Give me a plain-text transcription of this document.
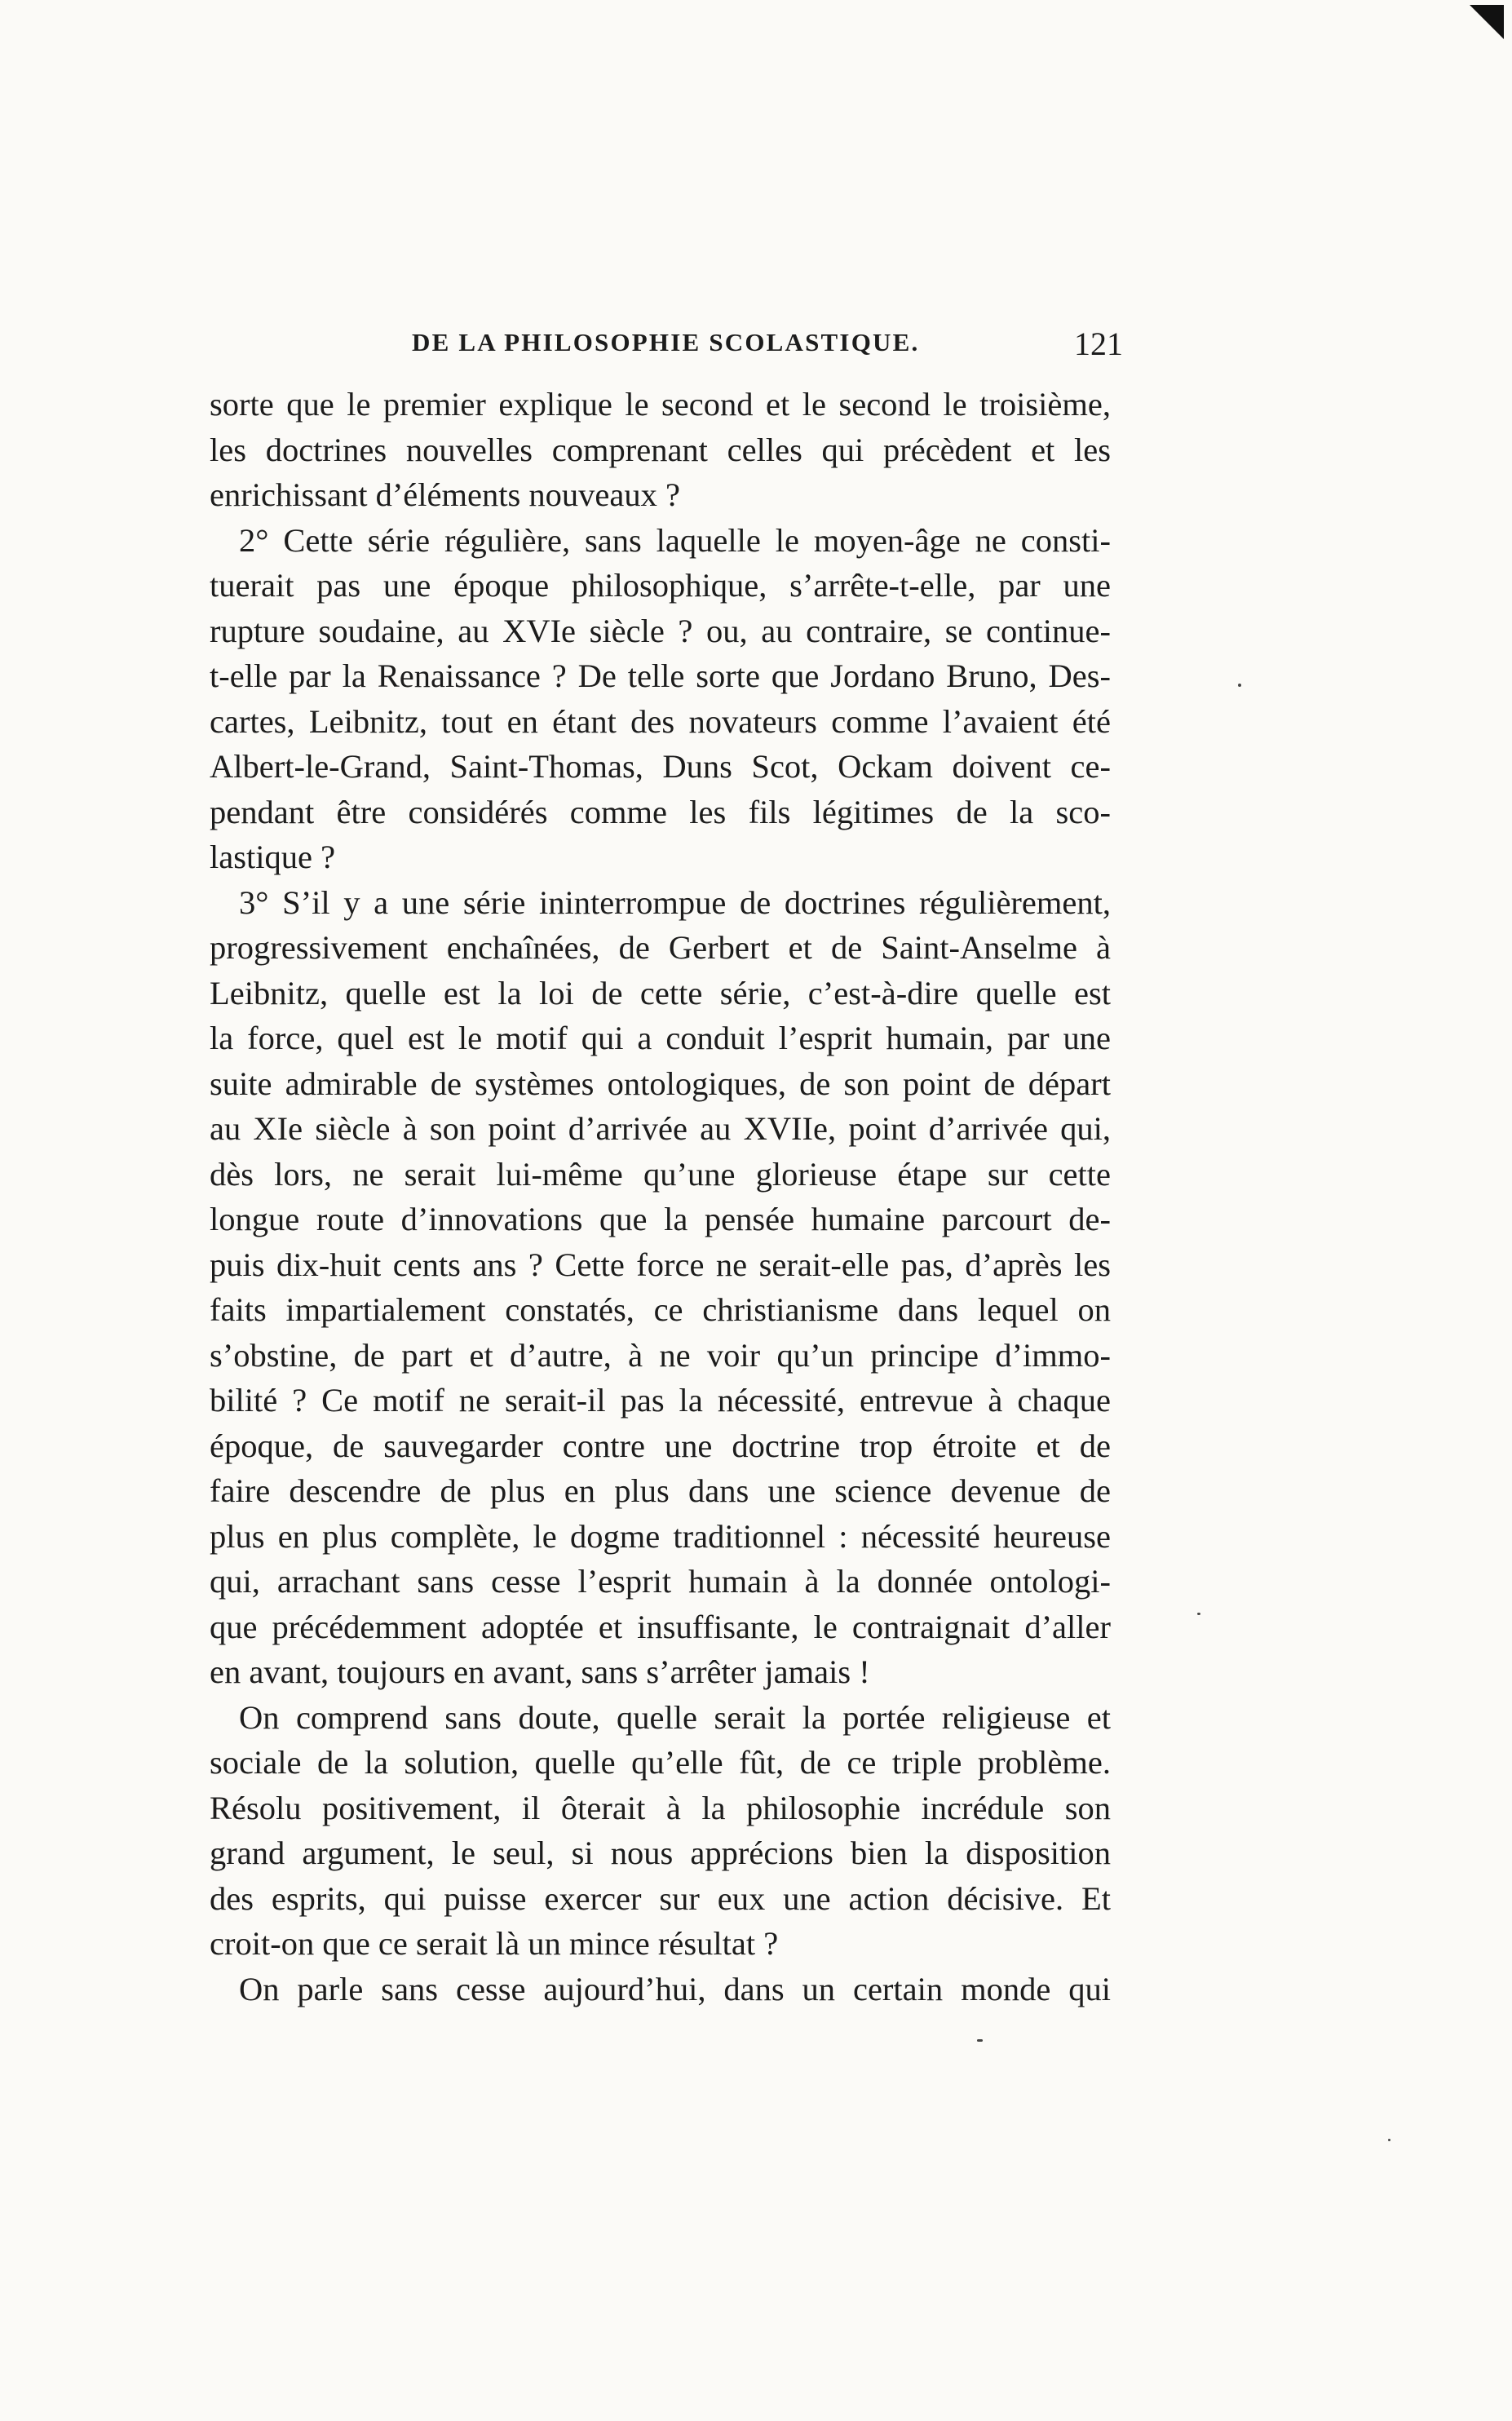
DE LA PHILOSOPHIE SCOLASTIQUE.	121
sorte que le premier explique le second et le second le troisième,
les doctrines nouvelles comprenant celles qui précèdent et les
enrichissant d’éléments nouveaux ?
2° Cette série régulière, sans laquelle le moyen-âge ne consti-
tuerait pas une époque philosophique, s’arrête-t-elle, par une
rupture soudaine, au XVIe siècle ? ou, au contraire, se continue-
t-elle par la Renaissance ? De telle sorte que Jordano Bruno, Des-
cartes, Leibnitz, tout en étant des novateurs comme l’avaient été
Albert-le-Grand, Saint-Thomas, Duns Scot, Ockam doivent ce-
pendant être considérés comme les fils légitimes de la sco-
lastique ?
3° S’il y a une série ininterrompue de doctrines régulièrement,
progressivement enchaînées, de Gerbert et de Saint-Anselme à
Leibnitz, quelle est la loi de cette série, c’est-à-dire quelle est
la force, quel est le motif qui a conduit l’esprit humain, par une
suite admirable de systèmes ontologiques, de son point de départ
au XIe siècle à son point d’arrivée au XVIIe, point d’arrivée qui,
dès lors, ne serait lui-même qu’une glorieuse étape sur cette
longue route d’innovations que la pensée humaine parcourt de-
puis dix-huit cents ans ? Cette force ne serait-elle pas, d’après les
faits impartialement constatés, ce christianisme dans lequel on
s’obstine, de part et d’autre, à ne voir qu’un principe d’immo-
bilité ? Ce motif ne serait-il pas la nécessité, entrevue à chaque
époque, de sauvegarder contre une doctrine trop étroite et de
faire descendre de plus en plus dans une science devenue de
plus en plus complète, le dogme traditionnel : nécessité heureuse
qui, arrachant sans cesse l’esprit humain à la donnée ontologi-
que précédemment adoptée et insuffisante, le contraignait d’aller
en avant, toujours en avant, sans s’arrêter jamais !
On comprend sans doute, quelle serait la portée religieuse et
sociale de la solution, quelle qu’elle fût, de ce triple problème.
Résolu positivement, il ôterait à la philosophie incrédule son
grand argument, le seul, si nous apprécions bien la disposition
des esprits, qui puisse exercer sur eux une action décisive. Et
croit-on que ce serait là un mince résultat ?
On parle sans cesse aujourd’hui, dans un certain monde qui
